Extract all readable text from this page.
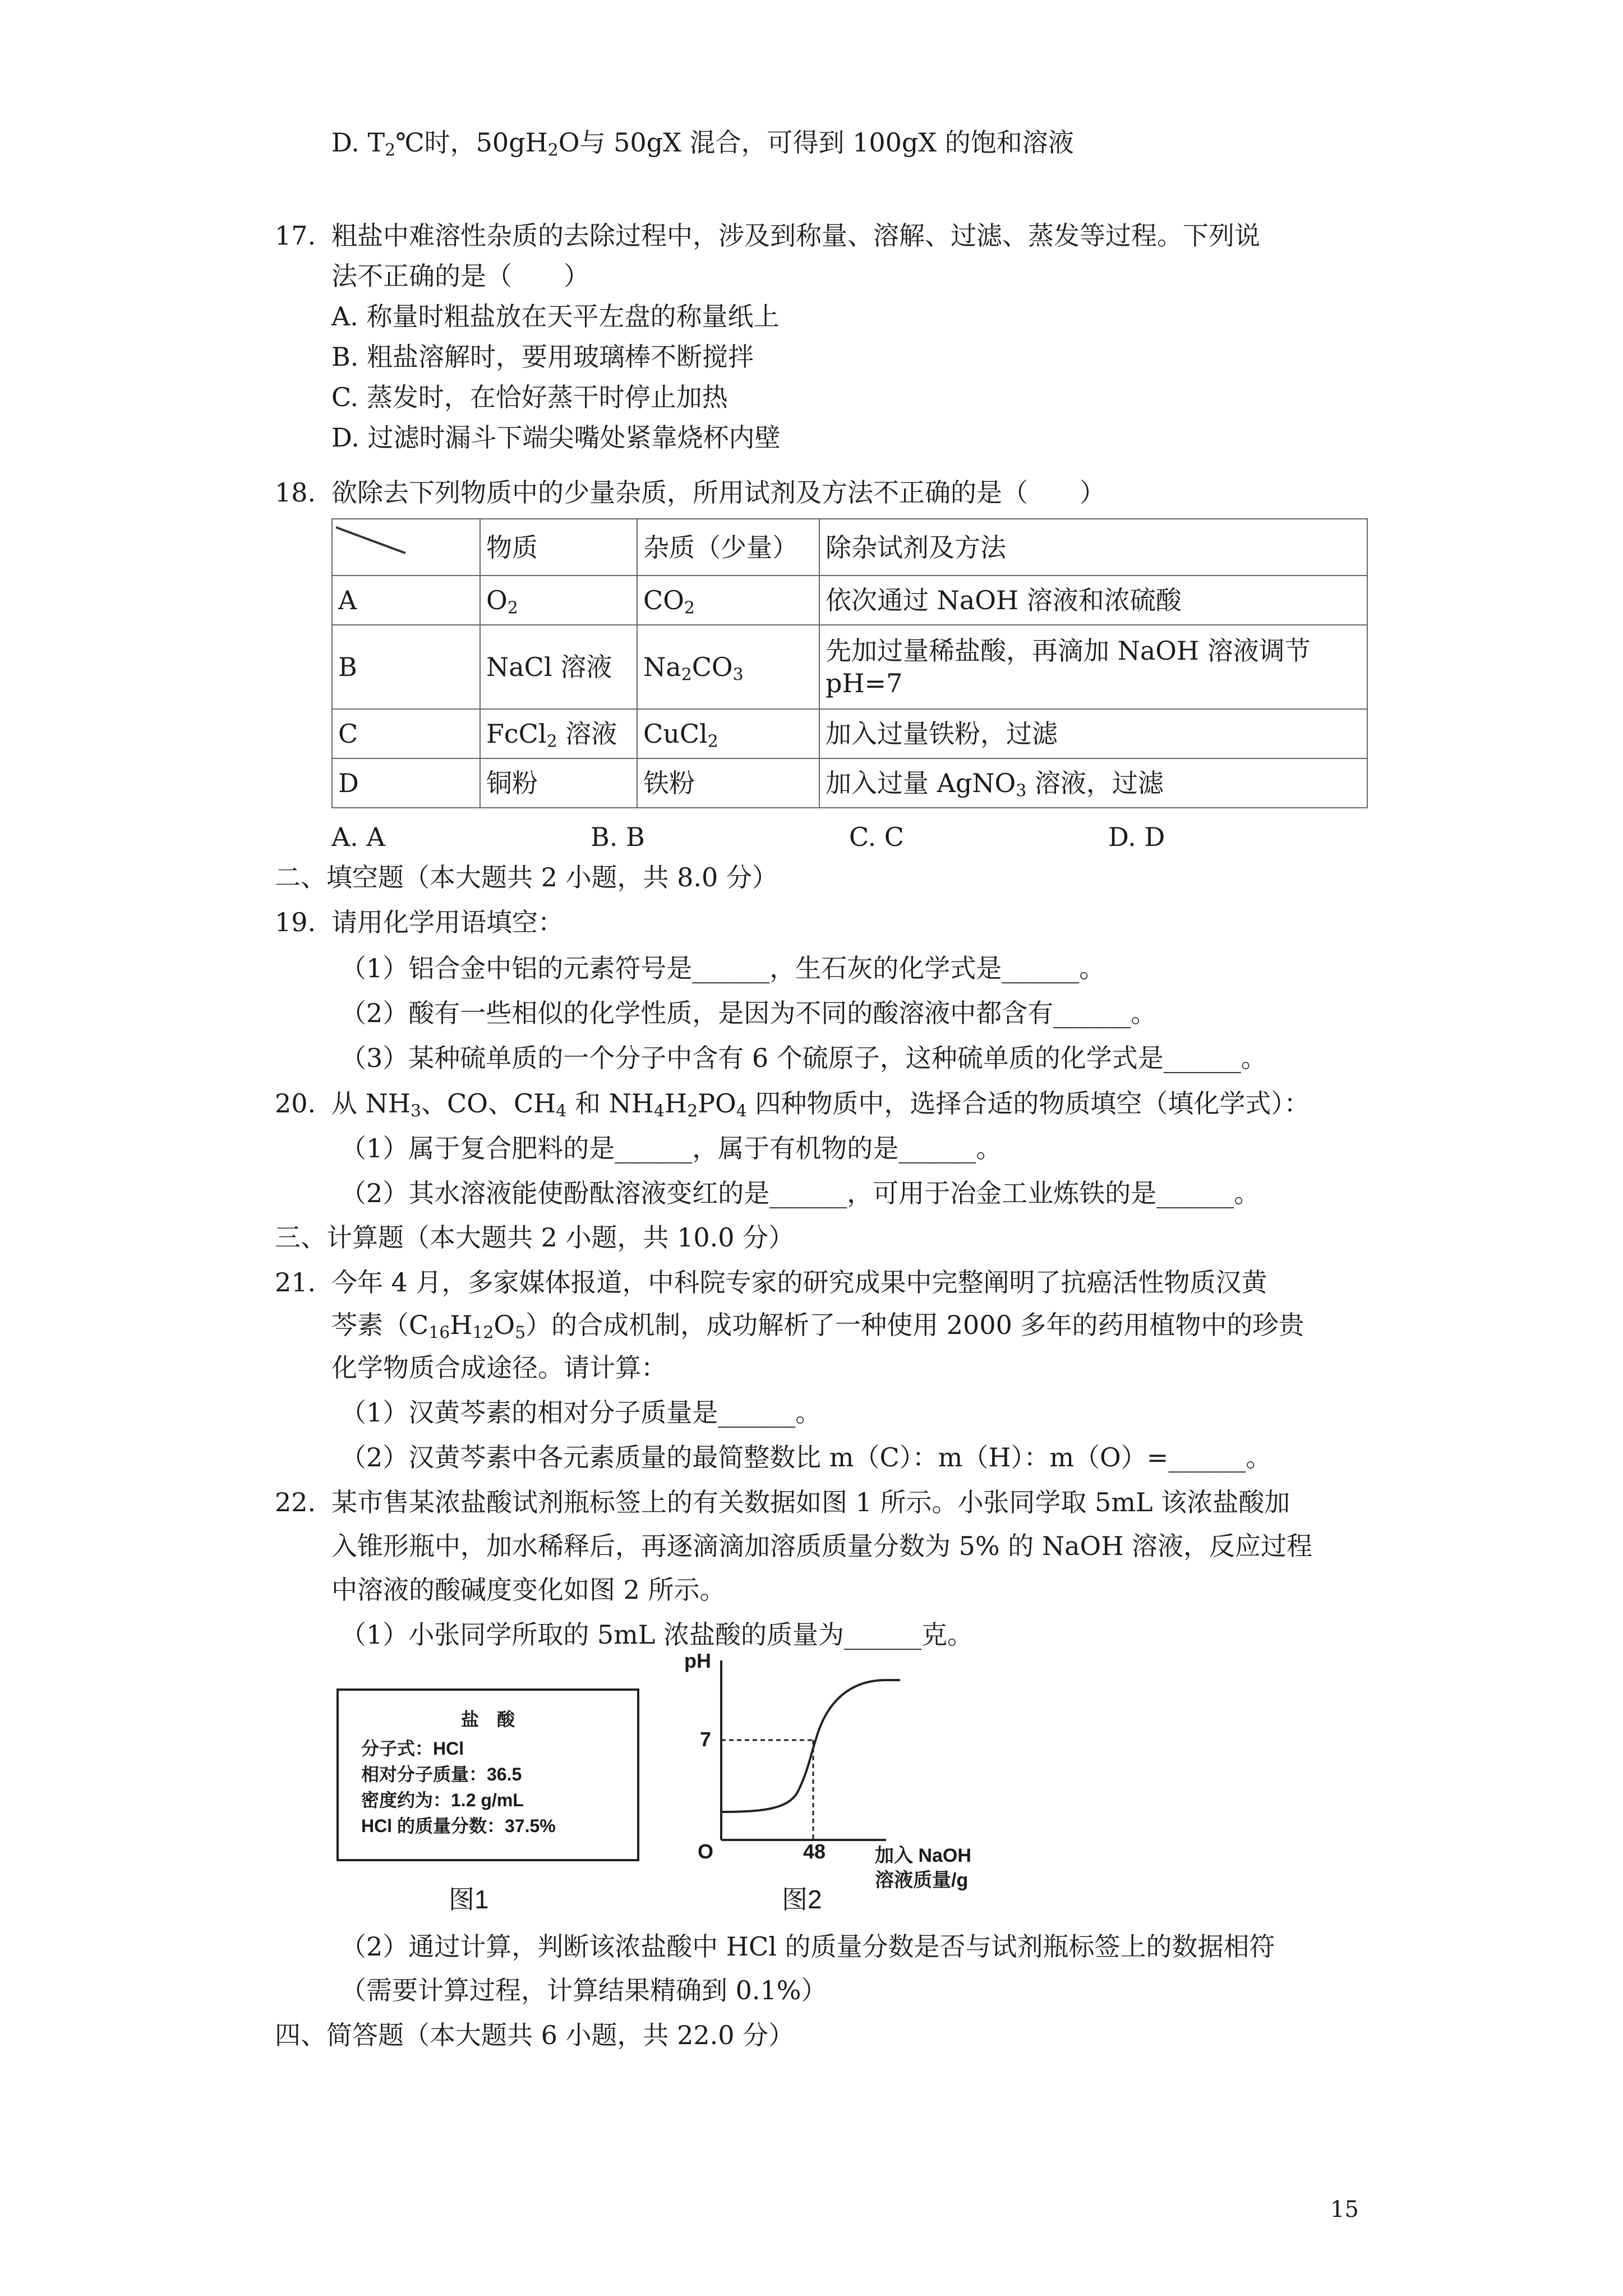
D. $T_2℃$时，$50gH_2O$与 50gX 混合，可得到 100gX 的饱和溶液
17. 粗盐中难溶性杂质的去除过程中，涉及到称量、溶解、过滤、蒸发等过程。下列说
法不正确的是（　　）
A. 称量时粗盐放在天平左盘的称量纸上
B. 粗盐溶解时，要用玻璃棒不断搅拌
C. 蒸发时，在恰好蒸干时停止加热
D. 过滤时漏斗下端尖嘴处紧靠烧杯内壁
18. 欲除去下列物质中的少量杂质，所用试剂及方法不正确的是（　　）
	物质	杂质（少量）	除杂试剂及方法
A	$O_2$	$CO_2$	依次通过 NaOH 溶液和浓硫酸
B	NaCl 溶液	$Na_2CO_3$	先加过量稀盐酸，再滴加 NaOH 溶液调节
pH=7

C	FcCl$_2$ 溶液	CuCl$_2$	加入过量铁粉，过滤
D	铜粉	铁粉	加入过量 AgNO$_3$ 溶液，过滤
A. A	B. B	C. C	D. D
二、填空题（本大题共 2 小题，共 8.0 分）
19. 请用化学用语填空：
（1）铝合金中铝的元素符号是______，生石灰的化学式是______。
（2）酸有一些相似的化学性质，是因为不同的酸溶液中都含有______。
（3）某种硫单质的一个分子中含有 6 个硫原子，这种硫单质的化学式是______。
20. 从 $NH_3$、CO、$CH_4$ 和 $NH_4H_2PO_4$ 四种物质中，选择合适的物质填空（填化学式）：
（1）属于复合肥料的是______，属于有机物的是______。
（2）其水溶液能使酚酞溶液变红的是______，可用于冶金工业炼铁的是______。
三、计算题（本大题共 2 小题，共 10.0 分）
21. 今年 4 月，多家媒体报道，中科院专家的研究成果中完整阐明了抗癌活性物质汉黄
芩素$(C_{16}H_{12}O_5)$的合成机制，成功解析了一种使用 2000 多年的药用植物中的珍贵
化学物质合成途径。请计算：
（1）汉黄芩素的相对分子质量是______。
（2）汉黄芩素中各元素质量的最简整数比 m（C）：m（H）：m（O）=______。
22. 某市售某浓盐酸试剂瓶标签上的有关数据如图 1 所示。小张同学取 5mL 该浓盐酸加
入锥形瓶中，加水稀释后，再逐滴滴加溶质质量分数为 5% 的 NaOH 溶液，反应过程
中溶液的酸碱度变化如图 2 所示。
（1）小张同学所取的 5mL 浓盐酸的质量为______克。
盐　酸
分子式：HCl
相对分子质量：36.5
密度约为：1.2 g/mL
HCl 的质量分数：37.5%
图1
pH
7
O	48	加入 NaOH
溶液质量/g
图2
（2）通过计算，判断该浓盐酸中 HCl 的质量分数是否与试剂瓶标签上的数据相符
（需要计算过程，计算结果精确到 0.1%）
四、简答题（本大题共 6 小题，共 22.0 分）
15
